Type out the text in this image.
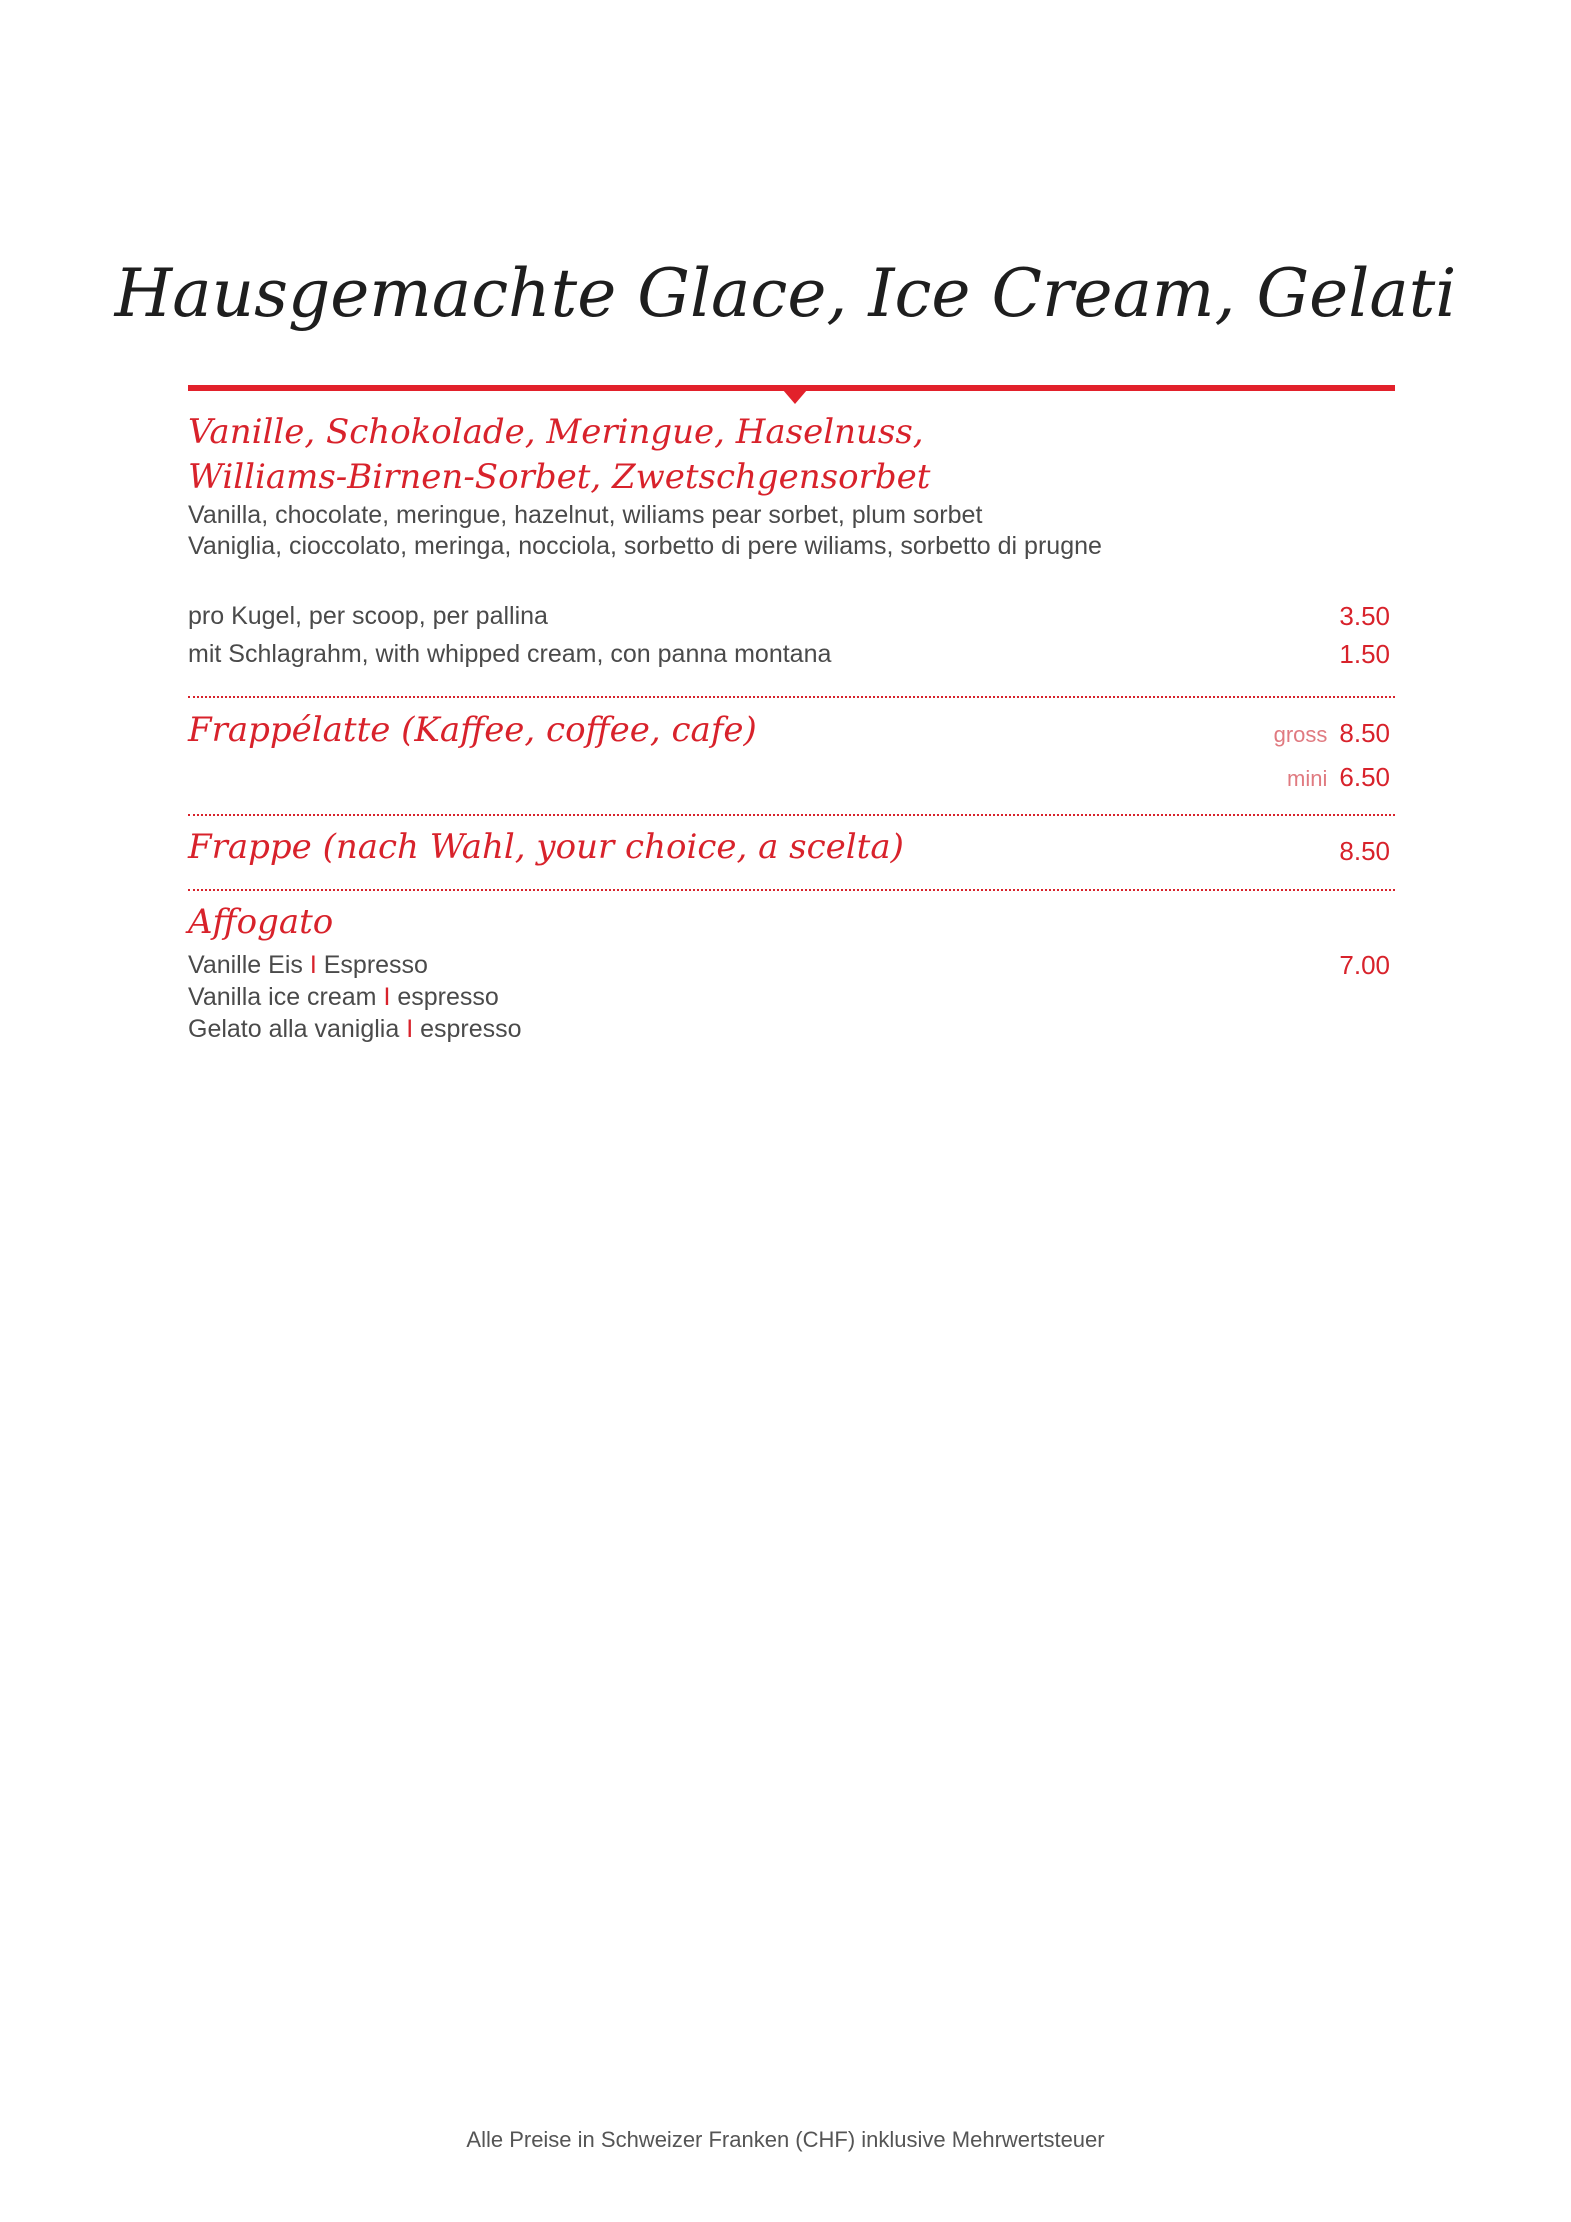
Hausgemachte Glace, Ice Cream, Gelati
Vanille, Schokolade, Meringue, Haselnuss,
Williams-Birnen-Sorbet, Zwetschgensorbet
Vanilla, chocolate, meringue, hazelnut, wiliams pear sorbet, plum sorbet
Vaniglia, cioccolato, meringa, nocciola, sorbetto di pere wiliams, sorbetto di prugne
pro Kugel, per scoop, per pallina	3.50
mit Schlagrahm, with whipped cream, con panna montana	1.50
Frappélatte (Kaffee, coffee, cafe)	gross 8.50
mini 6.50
Frappe (nach Wahl, your choice, a scelta)	8.50
Affogato
7.00
Vanille Eis I Espresso
Vanilla ice cream I espresso
Gelato alla vaniglia I espresso
Alle Preise in Schweizer Franken (CHF) inklusive Mehrwertsteuer
